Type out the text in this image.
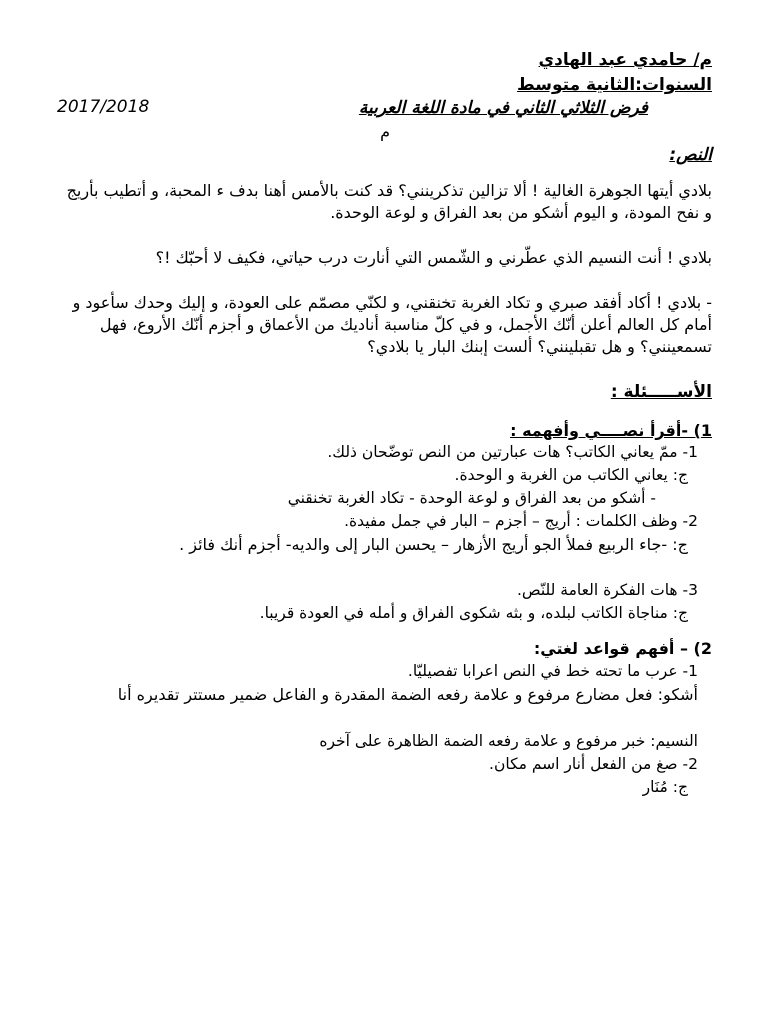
م/ حامدي عبد الهادي
السنوات:الثانية متوسط
فرض الثلاثي الثاني في مادة اللغة العربية
م
2017/2018
النص:
بلادي أيتها الجوهرة الغالية ! ألا تزالين تذكرينني؟ قد كنت بالأمس أهنا بدف ء المحبة، و أتطيب بأريج و نفح المودة، و اليوم أشكو من بعد الفراق و لوعة الوحدة.
بلادي ! أنت النسيم الذي عطّرني و الشّمس التي أنارت درب حياتي، فكيف لا أحبّك !؟
- بلادي ! أكاد أفقد صبري و تكاد الغربة تخنقني، و لكنّي مصمّم على العودة، و إليك وحدك سأعود و أمام كل العالم أعلن أنّك الأجمل، و في كلّ مناسبة أناديك من الأعماق و أجزم أنّك الأروع، فهل تسمعينني؟ و هل تقبلينني؟ ألست إبنك البار يا بلادي؟
الأســـــئلة :
1) -أقرأ نصــــي وأفهمه :
1- ممّ يعاني الكاتب؟ هات عبارتين من النص توضّحان ذلك.
ج: يعاني الكاتب من الغربة و الوحدة.
- أشكو من بعد الفراق و لوعة الوحدة - تكاد الغربة تخنقني
2- وظف الكلمات : أريج – أجزم – البار في جمل مفيدة.
ج: -جاء الربيع فملأ الجو أريج الأزهار – يحسن البار إلى والديه- أجزم أنك فائز .
3- هات الفكرة العامة للنّص.
ج: مناجاة الكاتب لبلده، و بثه شكوى الفراق و أمله في العودة قريبا.
2) – أفهم قواعد لغتي:
1- عرب ما تحته خط في النص اعرابا تفصيليّا.
أشكو: فعل مضارع مرفوع و علامة رفعه الضمة المقدرة و الفاعل ضمير مستتر تقديره أنا
النسيم: خبر مرفوع و علامة رفعه الضمة الظاهرة على آخره
2- صغ من الفعل أنار اسم مكان.
ج: مُنَار
